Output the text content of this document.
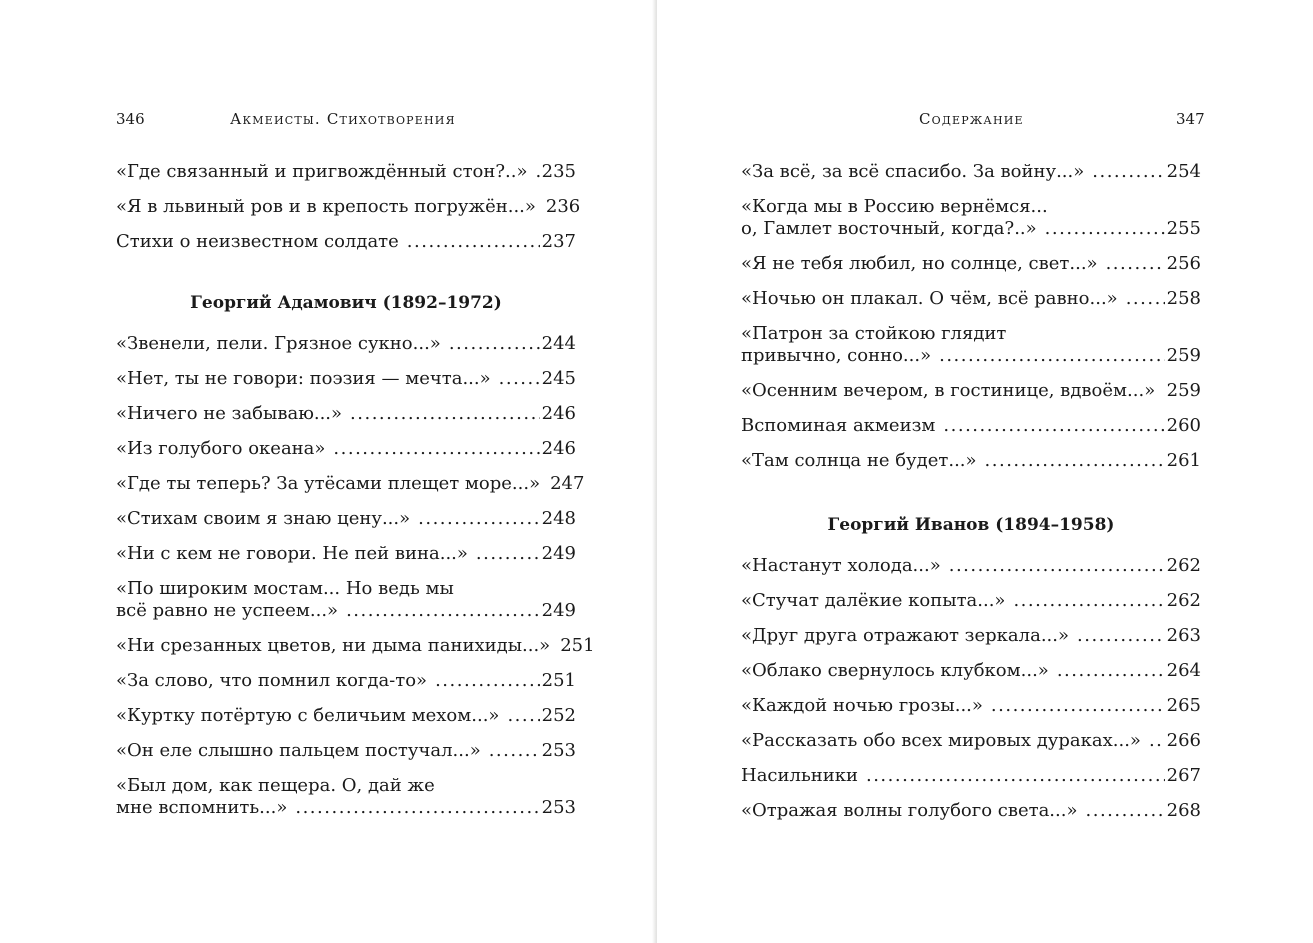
346	Акмеисты. Стихотворения
«Где связанный и пригвождённый стон?..» ..... 235
«Я в львиный ров и в крепость погружён...» 236
Стихи о неизвестном солдате .....	237
Георгий Адамович (1892–1972)
«Звенели, пели. Грязное сукно...» .....	244
«Нет, ты не говори: поэзия — мечта...» .....	245
«Ничего не забываю...» .....	246
«Из голубого океана» .....	246
«Где ты теперь? За утёсами плещет море...» 247
«Стихам своим я знаю цену...» .....	248
«Ни с кем не говори. Не пей вина...» .....	249
«По широким мостам... Но ведь мы
всё равно не успеем...» .....	249
«Ни срезанных цветов, ни дыма панихиды...» 251
«За слово, что помнил когда-то» .....	251
«Куртку потёртую с беличьим мехом...» ..... 252
«Он еле слышно пальцем постучал...» .....	253
«Был дом, как пещера. О, дай же
мне вспомнить...» .....	253
Содержание	347
«За всё, за всё спасибо. За войну...» .....	254
«Когда мы в Россию вернёмся...
о, Гамлет восточный, когда?..» .....	255
«Я не тебя любил, но солнце, свет...» .....	256
«Ночью он плакал. О чём, всё равно...» .....	258
«Патрон за стойкою глядит
привычно, сонно...» .....	259
«Осенним вечером, в гостинице, вдвоём...» ..... 259
Вспоминая акмеизм .....	260
«Там солнца не будет...» .....	261
Георгий Иванов (1894–1958)
«Настанут холода...» .....	262
«Стучат далёкие копыта...» .....	262
«Друг друга отражают зеркала...» .....	263
«Облако свернулось клубком...» .....	264
«Каждой ночью грозы...» .....	265
«Рассказать обо всех мировых дураках...» ..... 266
Насильники .....	267
«Отражая волны голубого света...» .....	268
